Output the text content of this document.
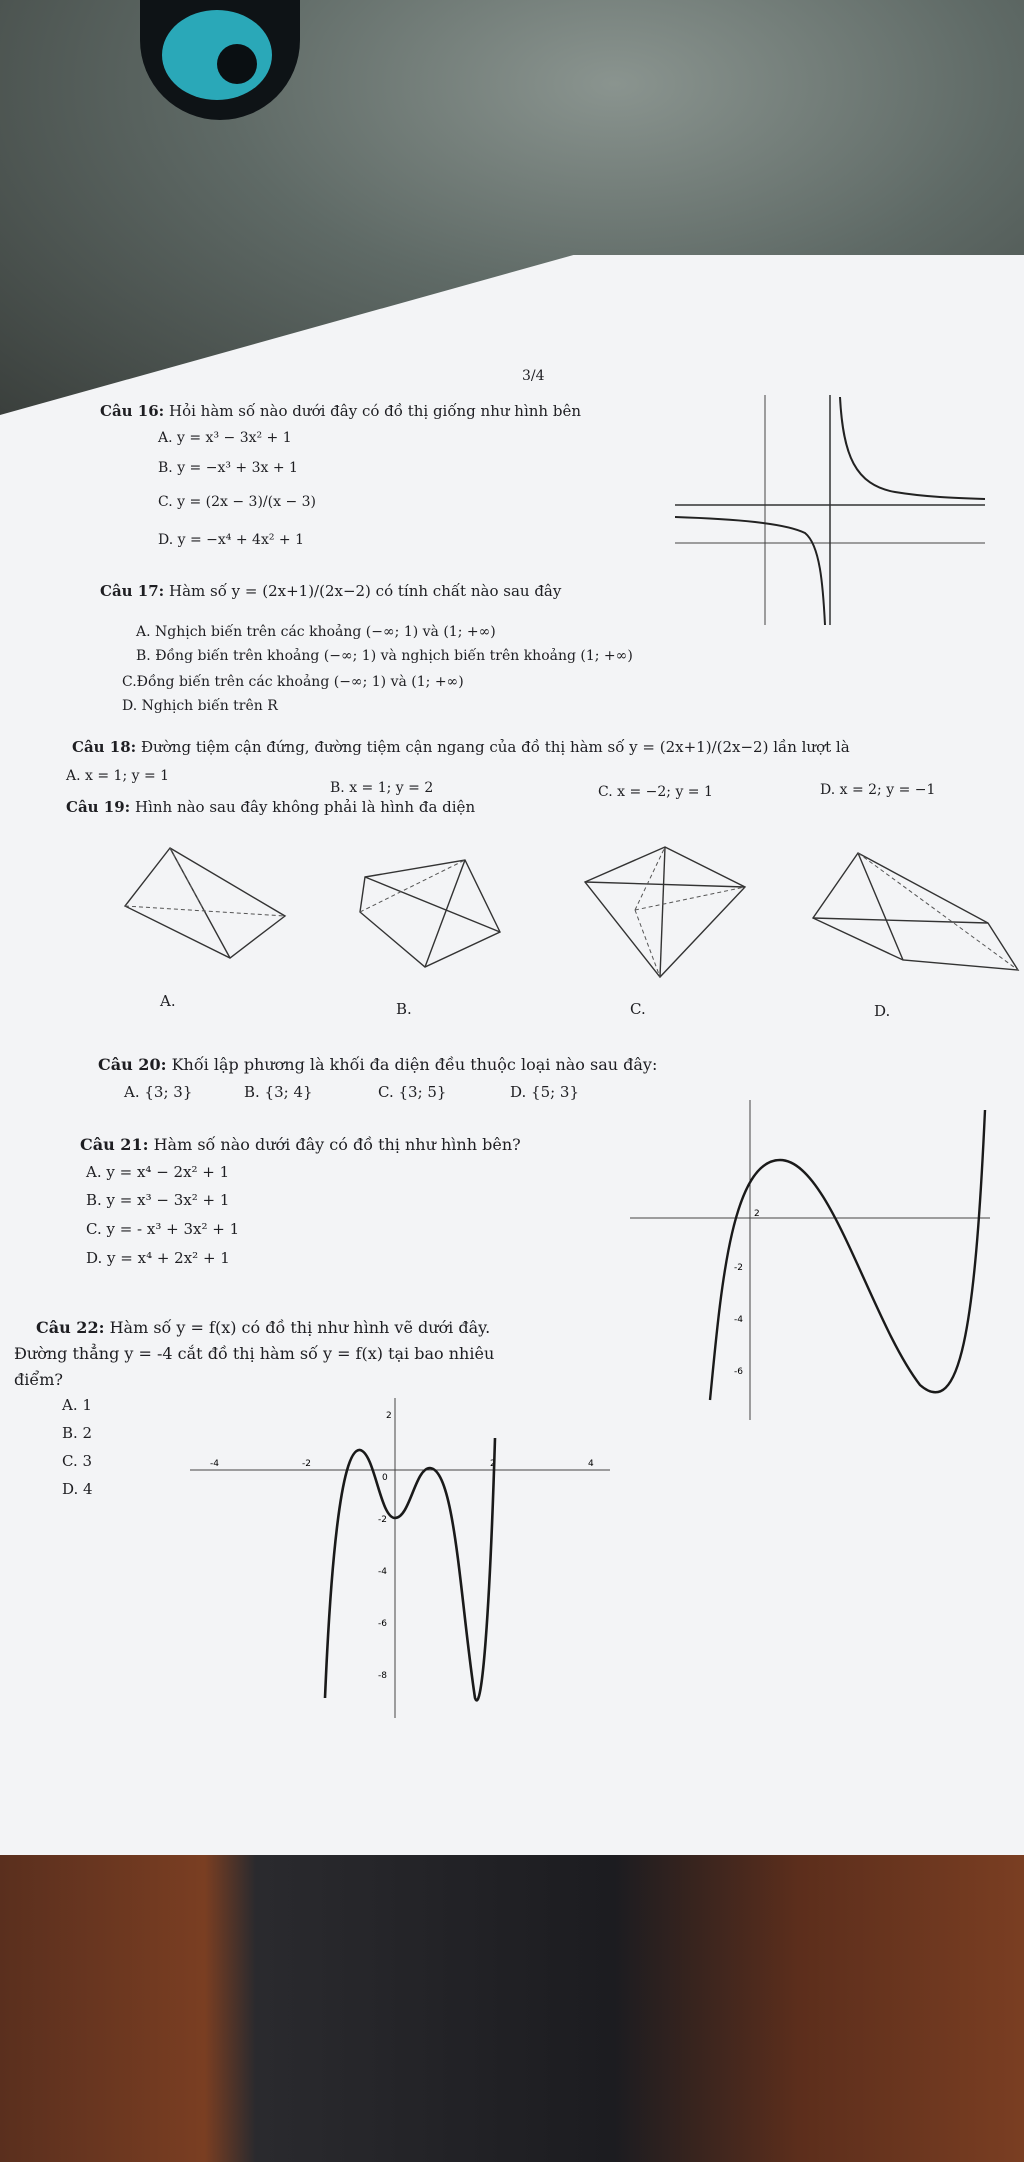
3/4
Câu 16: Hỏi hàm số nào dưới đây có đồ thị giống như hình bên
A. y = x³ − 3x² + 1
B. y = −x³ + 3x + 1
C. y = (2x − 3)/(x − 3)
D. y = −x⁴ + 4x² + 1
Câu 17: Hàm số y = (2x+1)/(2x−2) có tính chất nào sau đây
A. Nghịch biến trên các khoảng (−∞; 1) và (1; +∞)
B. Đồng biến trên khoảng (−∞; 1) và nghịch biến trên khoảng (1; +∞)
C.Đồng biến trên các khoảng (−∞; 1) và (1; +∞)
D. Nghịch biến trên R
Câu 18: Đường tiệm cận đứng, đường tiệm cận ngang của đồ thị hàm số y = (2x+1)/(2x−2) lần lượt là
A. x = 1; y = 1
B. x = 1; y = 2	C. x = −2; y = 1	D. x = 2; y = −1
Câu 19: Hình nào sau đây không phải là hình đa diện
A.	B.	C.	D.
Câu 20: Khối lập phương là khối đa diện đều thuộc loại nào sau đây:
A. {3; 3}	B. {3; 4}	C. {3; 5}	D. {5; 3}
Câu 21: Hàm số nào dưới đây có đồ thị như hình bên?
A. y = x⁴ − 2x² + 1
B. y = x³ − 3x² + 1
C. y = - x³ + 3x² + 1
D. y = x⁴ + 2x² + 1
2
-2
-4
-6
Câu 22: Hàm số y = f(x) có đồ thị như hình vẽ dưới đây.
Đường thẳng y = -4 cắt đồ thị hàm số y = f(x) tại bao nhiêu
điểm?
A. 1
B. 2
C. 3
D. 4
-4	-2
0
2	4
2
-2
-4
-6
-8
